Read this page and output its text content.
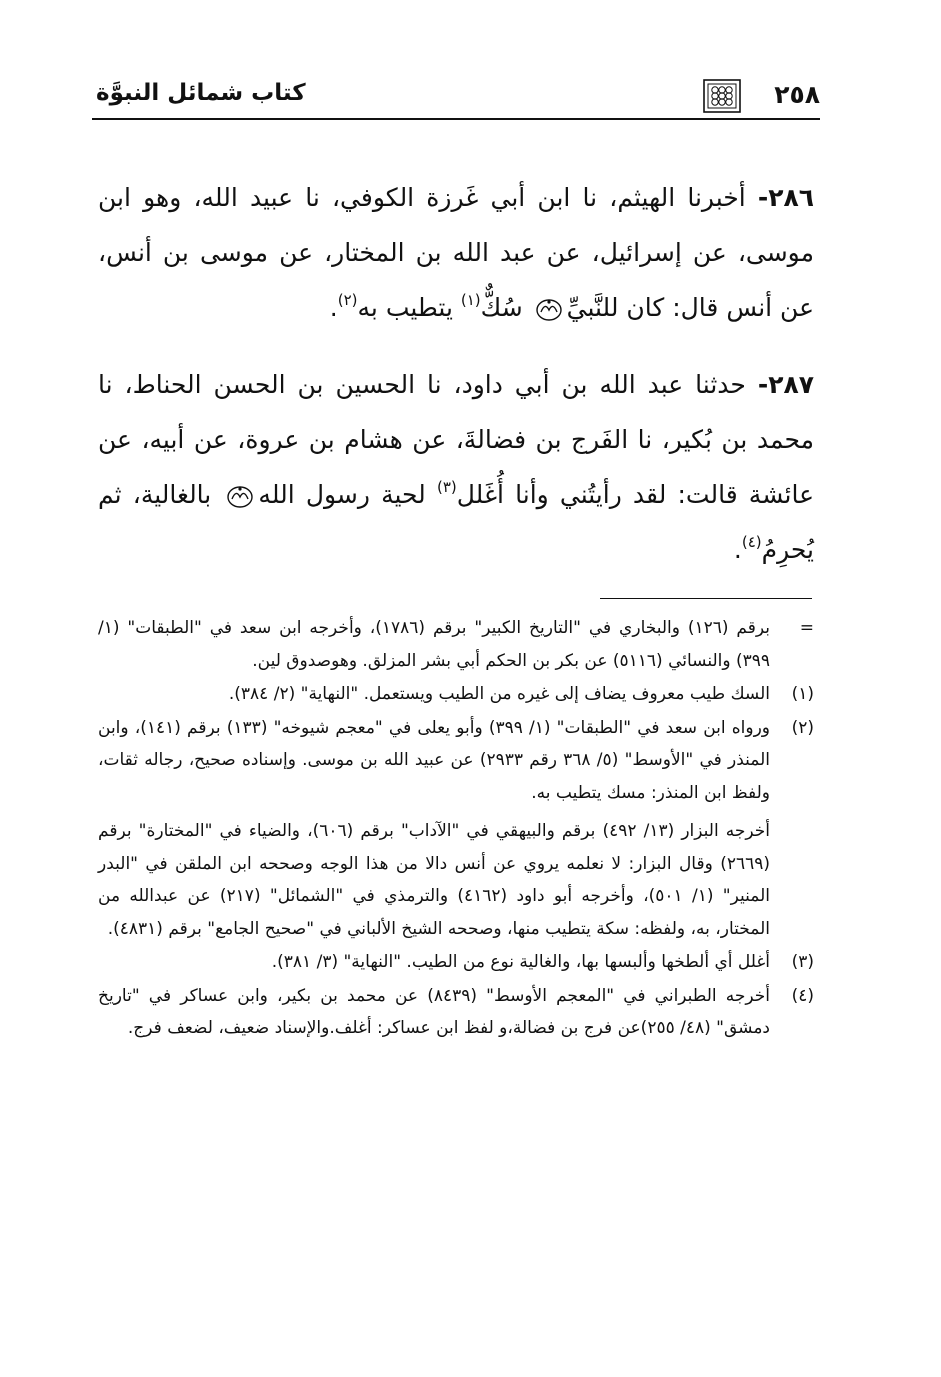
٢٥٨
كتاب شمائل النبوَّة

٢٨٦- أخبرنا الهيثم، نا ابن أبي غَرزة الكوفي، نا عبيد الله، وهو ابن موسى، عن إسرائيل، عن عبد الله بن المختار، عن موسى بن أنس، عن أنس قال: كان للنَّبيِّ سُكٌّ$^{(١)}$ يتطيب به$^{(٢)}$.

٢٨٧- حدثنا عبد الله بن أبي داود، نا الحسين بن الحسن الحناط، نا محمد بن بُكير، نا الفَرج بن فضالةَ، عن هشام بن عروة، عن أبيه، عن عائشة قالت: لقد رأيتُني وأنا أُغَلل$^{(٣)}$ لحية رسول الله بالغالية، ثم يُحرِمُ$^{(٤)}$.

=

برقم (١٢٦) والبخاري في "التاريخ الكبير" برقم (١٧٨٦)، وأخرجه ابن سعد في "الطبقات" (١/ ٣٩٩) والنسائي (٥١١٦) عن بكر بن الحكم أبي بشر المزلق. وهوصدوق لين.

(١)

السك طيب معروف يضاف إلى غيره من الطيب ويستعمل. "النهاية" (٢/ ٣٨٤).

(٢)

ورواه ابن سعد في "الطبقات" (١/ ٣٩٩) وأبو يعلى في "معجم شيوخه" (١٣٣) برقم (١٤١)، وابن المنذر في "الأوسط" (٥/ ٣٦٨ رقم ٢٩٣٣) عن عبيد الله بن موسى. وإسناده صحيح، رجاله ثقات، ولفظ ابن المنذر: مسك يتطيب به.

أخرجه البزار (١٣/ ٤٩٢) برقم والبيهقي في "الآداب" برقم (٦٠٦)، والضياء في "المختارة" برقم (٢٦٦٩) وقال البزار: لا نعلمه يروي عن أنس دالا من هذا الوجه وصححه ابن الملقن في "البدر المنير" (١/ ٥٠١)، وأخرجه أبو داود (٤١٦٢) والترمذي في "الشمائل" (٢١٧) عن عبدالله من المختار، به، ولفظه: سكة يتطيب منها، وصححه الشيخ الألباني في "صحيح الجامع" برقم (٤٨٣١).

(٣)

أغلل أي ألطخها وألبسها بها، والغالية نوع من الطيب. "النهاية" (٣/ ٣٨١).

(٤)

أخرجه الطبراني في "المعجم الأوسط" (٨٤٣٩) عن محمد بن بكير، وابن عساكر في "تاريخ دمشق" (٤٨/ ٢٥٥)عن فرج بن فضالة،و لفظ ابن عساكر: أغلف.والإسناد ضعيف، لضعف فرج.
